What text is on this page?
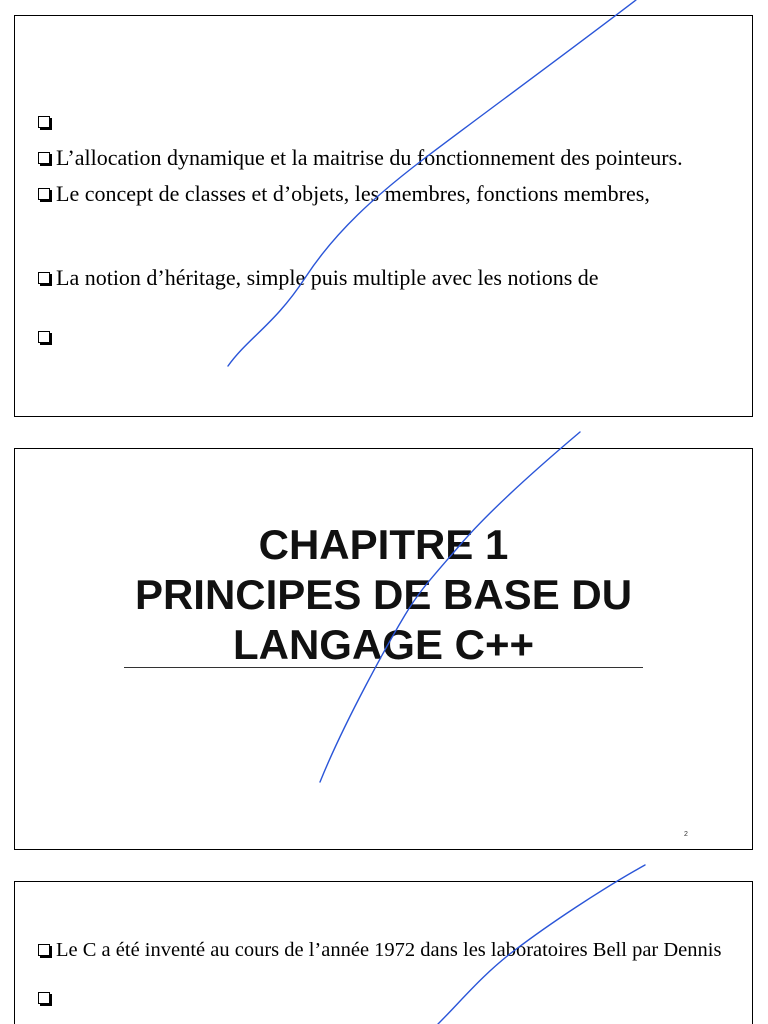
L’allocation dynamique et la maitrise du fonctionnement des pointeurs.
Le concept de classes et d’objets, les membres, fonctions membres,
La notion d’héritage, simple puis multiple avec les notions de
CHAPITRE 1
PRINCIPES DE BASE DU
LANGAGE C++
2
Le C a été inventé au cours de l’année 1972 dans les laboratoires Bell par Dennis
